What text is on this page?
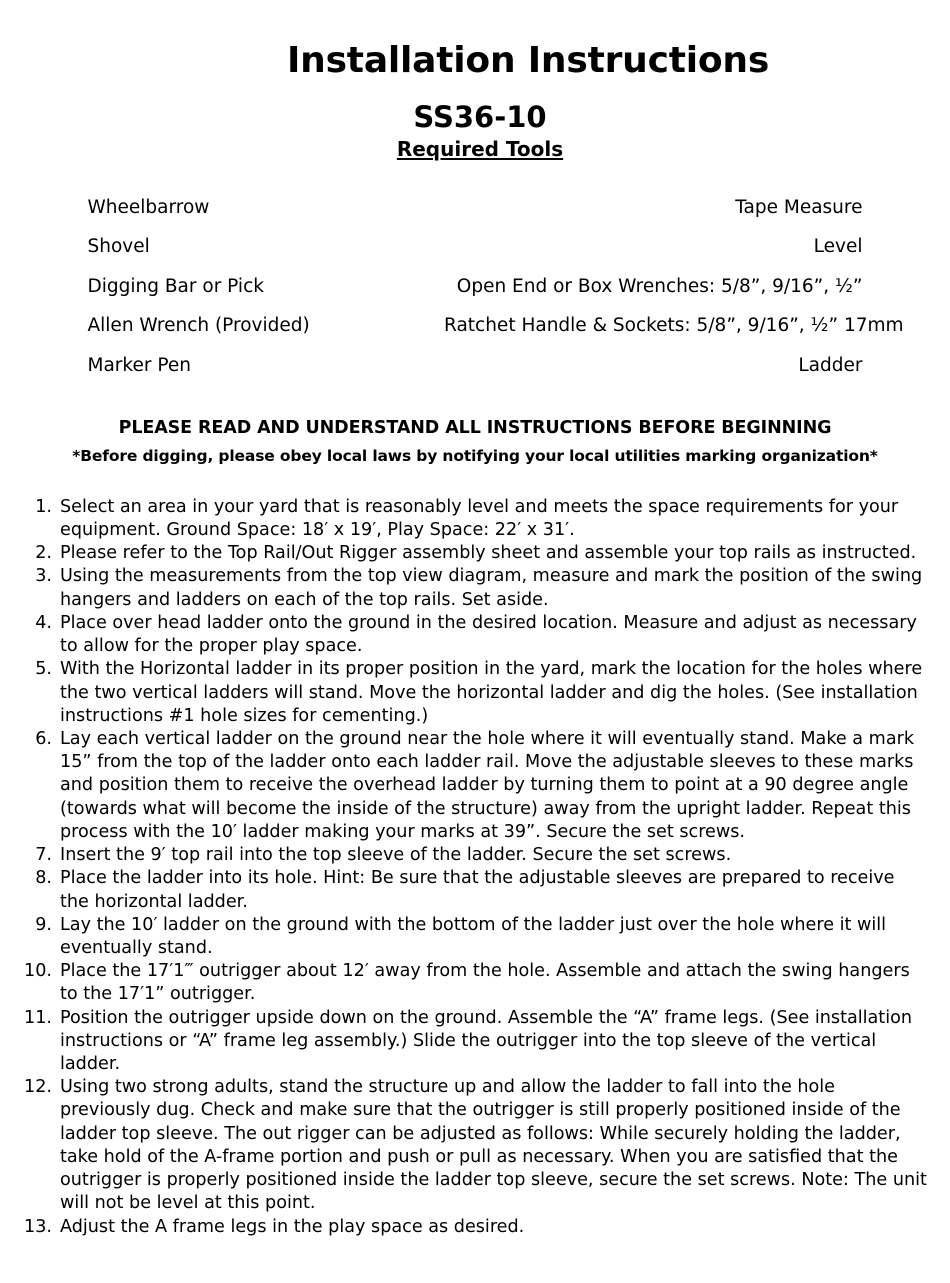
Installation Instructions
SS36-10
Required Tools
Wheelbarrow	Tape Measure
Shovel	Level
Digging Bar or Pick	Open End or Box Wrenches: 5/8”, 9/16”, ½”
Allen Wrench (Provided)	Ratchet Handle & Sockets: 5/8”, 9/16”, ½” 17mm
Marker Pen	Ladder

PLEASE READ AND UNDERSTAND ALL INSTRUCTIONS BEFORE BEGINNING

*Before digging, please obey local laws by notifying your local utilities marking organization*

1. Select an area in your yard that is reasonably level and meets the space requirements for your equipment. Ground Space: 18′ x 19′, Play Space: 22′ x 31′.
2. Please refer to the Top Rail/Out Rigger assembly sheet and assemble your top rails as instructed.
3. Using the measurements from the top view diagram, measure and mark the position of the swing hangers and ladders on each of the top rails. Set aside.
4. Place over head ladder onto the ground in the desired location. Measure and adjust as necessary to allow for the proper play space.
5. With the Horizontal ladder in its proper position in the yard, mark the location for the holes where the two vertical ladders will stand. Move the horizontal ladder and dig the holes. (See installation instructions #1 hole sizes for cementing.)
6. Lay each vertical ladder on the ground near the hole where it will eventually stand. Make a mark 15” from the top of the ladder onto each ladder rail. Move the adjustable sleeves to these marks and position them to receive the overhead ladder by turning them to point at a 90 degree angle (towards what will become the inside of the structure) away from the upright ladder. Repeat this process with the 10′ ladder making your marks at 39”. Secure the set screws.
7. Insert the 9′ top rail into the top sleeve of the ladder. Secure the set screws.
8. Place the ladder into its hole. Hint: Be sure that the adjustable sleeves are prepared to receive the horizontal ladder.
9. Lay the 10′ ladder on the ground with the bottom of the ladder just over the hole where it will eventually stand.
10. Place the 17′1‴ outrigger about 12′ away from the hole. Assemble and attach the swing hangers to the 17′1” outrigger.
11. Position the outrigger upside down on the ground. Assemble the “A” frame legs. (See installation instructions or “A” frame leg assembly.) Slide the outrigger into the top sleeve of the vertical ladder.
12. Using two strong adults, stand the structure up and allow the ladder to fall into the hole previously dug. Check and make sure that the outrigger is still properly positioned inside of the ladder top sleeve. The out rigger can be adjusted as follows: While securely holding the ladder, take hold of the A-frame portion and push or pull as necessary. When you are satisfied that the outrigger is properly positioned inside the ladder top sleeve, secure the set screws. Note: The unit will not be level at this point.
13. Adjust the A frame legs in the play space as desired.
